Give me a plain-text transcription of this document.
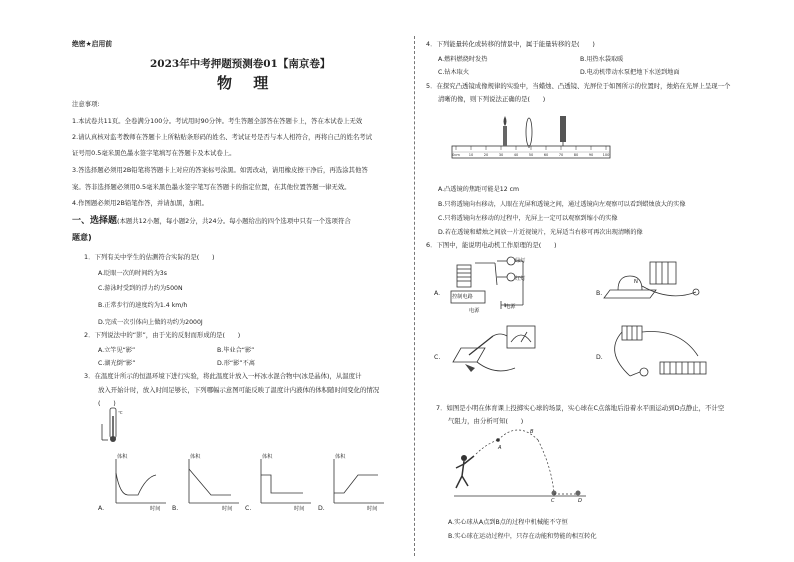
绝密★启用前
2023年中考押题预测卷01【南京卷】
物 理
注意事项:
1.本试卷共11页。全卷满分100分。考试用时90分钟。考生答题全部答在答题卡上，答在本试卷上无效
2.请认真核对监考教师在答题卡上所粘贴条形码的姓名、考试证号是否与本人相符合，再将自己的姓名考试
证号用0.5毫米黑色墨水签字笔填写在答题卡及本试卷上。
3.答选择题必须用2B铅笔将答题卡上对应的答案标号涂黑。如需改动，请用橡皮擦干净后，再选涂其他答
案。答非选择题必须用0.5毫米黑色墨水签字笔写在答题卡的指定位置，在其他位置答题一律无效。
4.作图题必须用2B铅笔作答，并请加黑，加粗。
一、选择题(本题共12小题，每小题2分，共24分。每小题给出的四个选项中只有一个选项符合
题意)
1．下列有关中学生的估测符合实际的是(　　)
A.眨眼一次的时间约为3s
C.游泳时受到的浮力约为500N
B.正常步行的速度约为1.4 km/h
D.完成一次引体向上做的功约为2000J
2．下列说法中的“影”，由于光的反射而形成的是(　　)
A.立竿见“影”	B.毕业合“影”
C.湖光倒“影”	D.形“影”不离
3．在温度计所示的恒温环境下进行实验，将此温度计放入一杯冰水混合物中(冰是晶体)，从温度计
放入开始计时，放入时间足够长，下列哪幅示意图可能反映了温度计内液体的体积随时间变化的情况
(　　)
℃
体积
时间
A.
体积
时间
B.
体积
时间
C.
体积
时间
D.
4．下列能量转化或转移的情景中，属于能量转移的是(　　)
A.燃料燃烧时发热	B.用热水袋取暖
C.钻木取火	D.电动机带动水泵把地下水送到地面
5．在探究凸透镜成像规律的实验中，当蜡烛、凸透镜、光屏位于如图所示的位置时，烛焰在光屏上呈现一个
清晰的像，则下列说法正确的是(　　)
0cm 10	20	30	40	50	60	70	80	90	100
A.凸透镜的焦距可能是12 cm
B.只将透镜向右移动，人眼在光屏和透镜之间，通过透镜向左观察可以看到蜡烛放大的实像
C.只将透镜向左移动的过程中，光屏上一定可以观察到缩小的实像
D.若在透镜和蜡烛之间放一片近视镜片，光屏适当右移可再次出现清晰的像
6．下图中，能说明电动机工作原理的是(　　)
A. 控制电路
电源
绿灯
红灯
电源
B.
N
C.	D.
7．如图是小明在体育课上投掷实心球的场景，实心球在C点落地后沿着水平面运动到D点静止，不计空
气阻力，由分析可知(　　)
A
B
C	D
A.实心球从A点到B点的过程中机械能不守恒
B.实心球在运动过程中，只存在动能和势能的相互转化
